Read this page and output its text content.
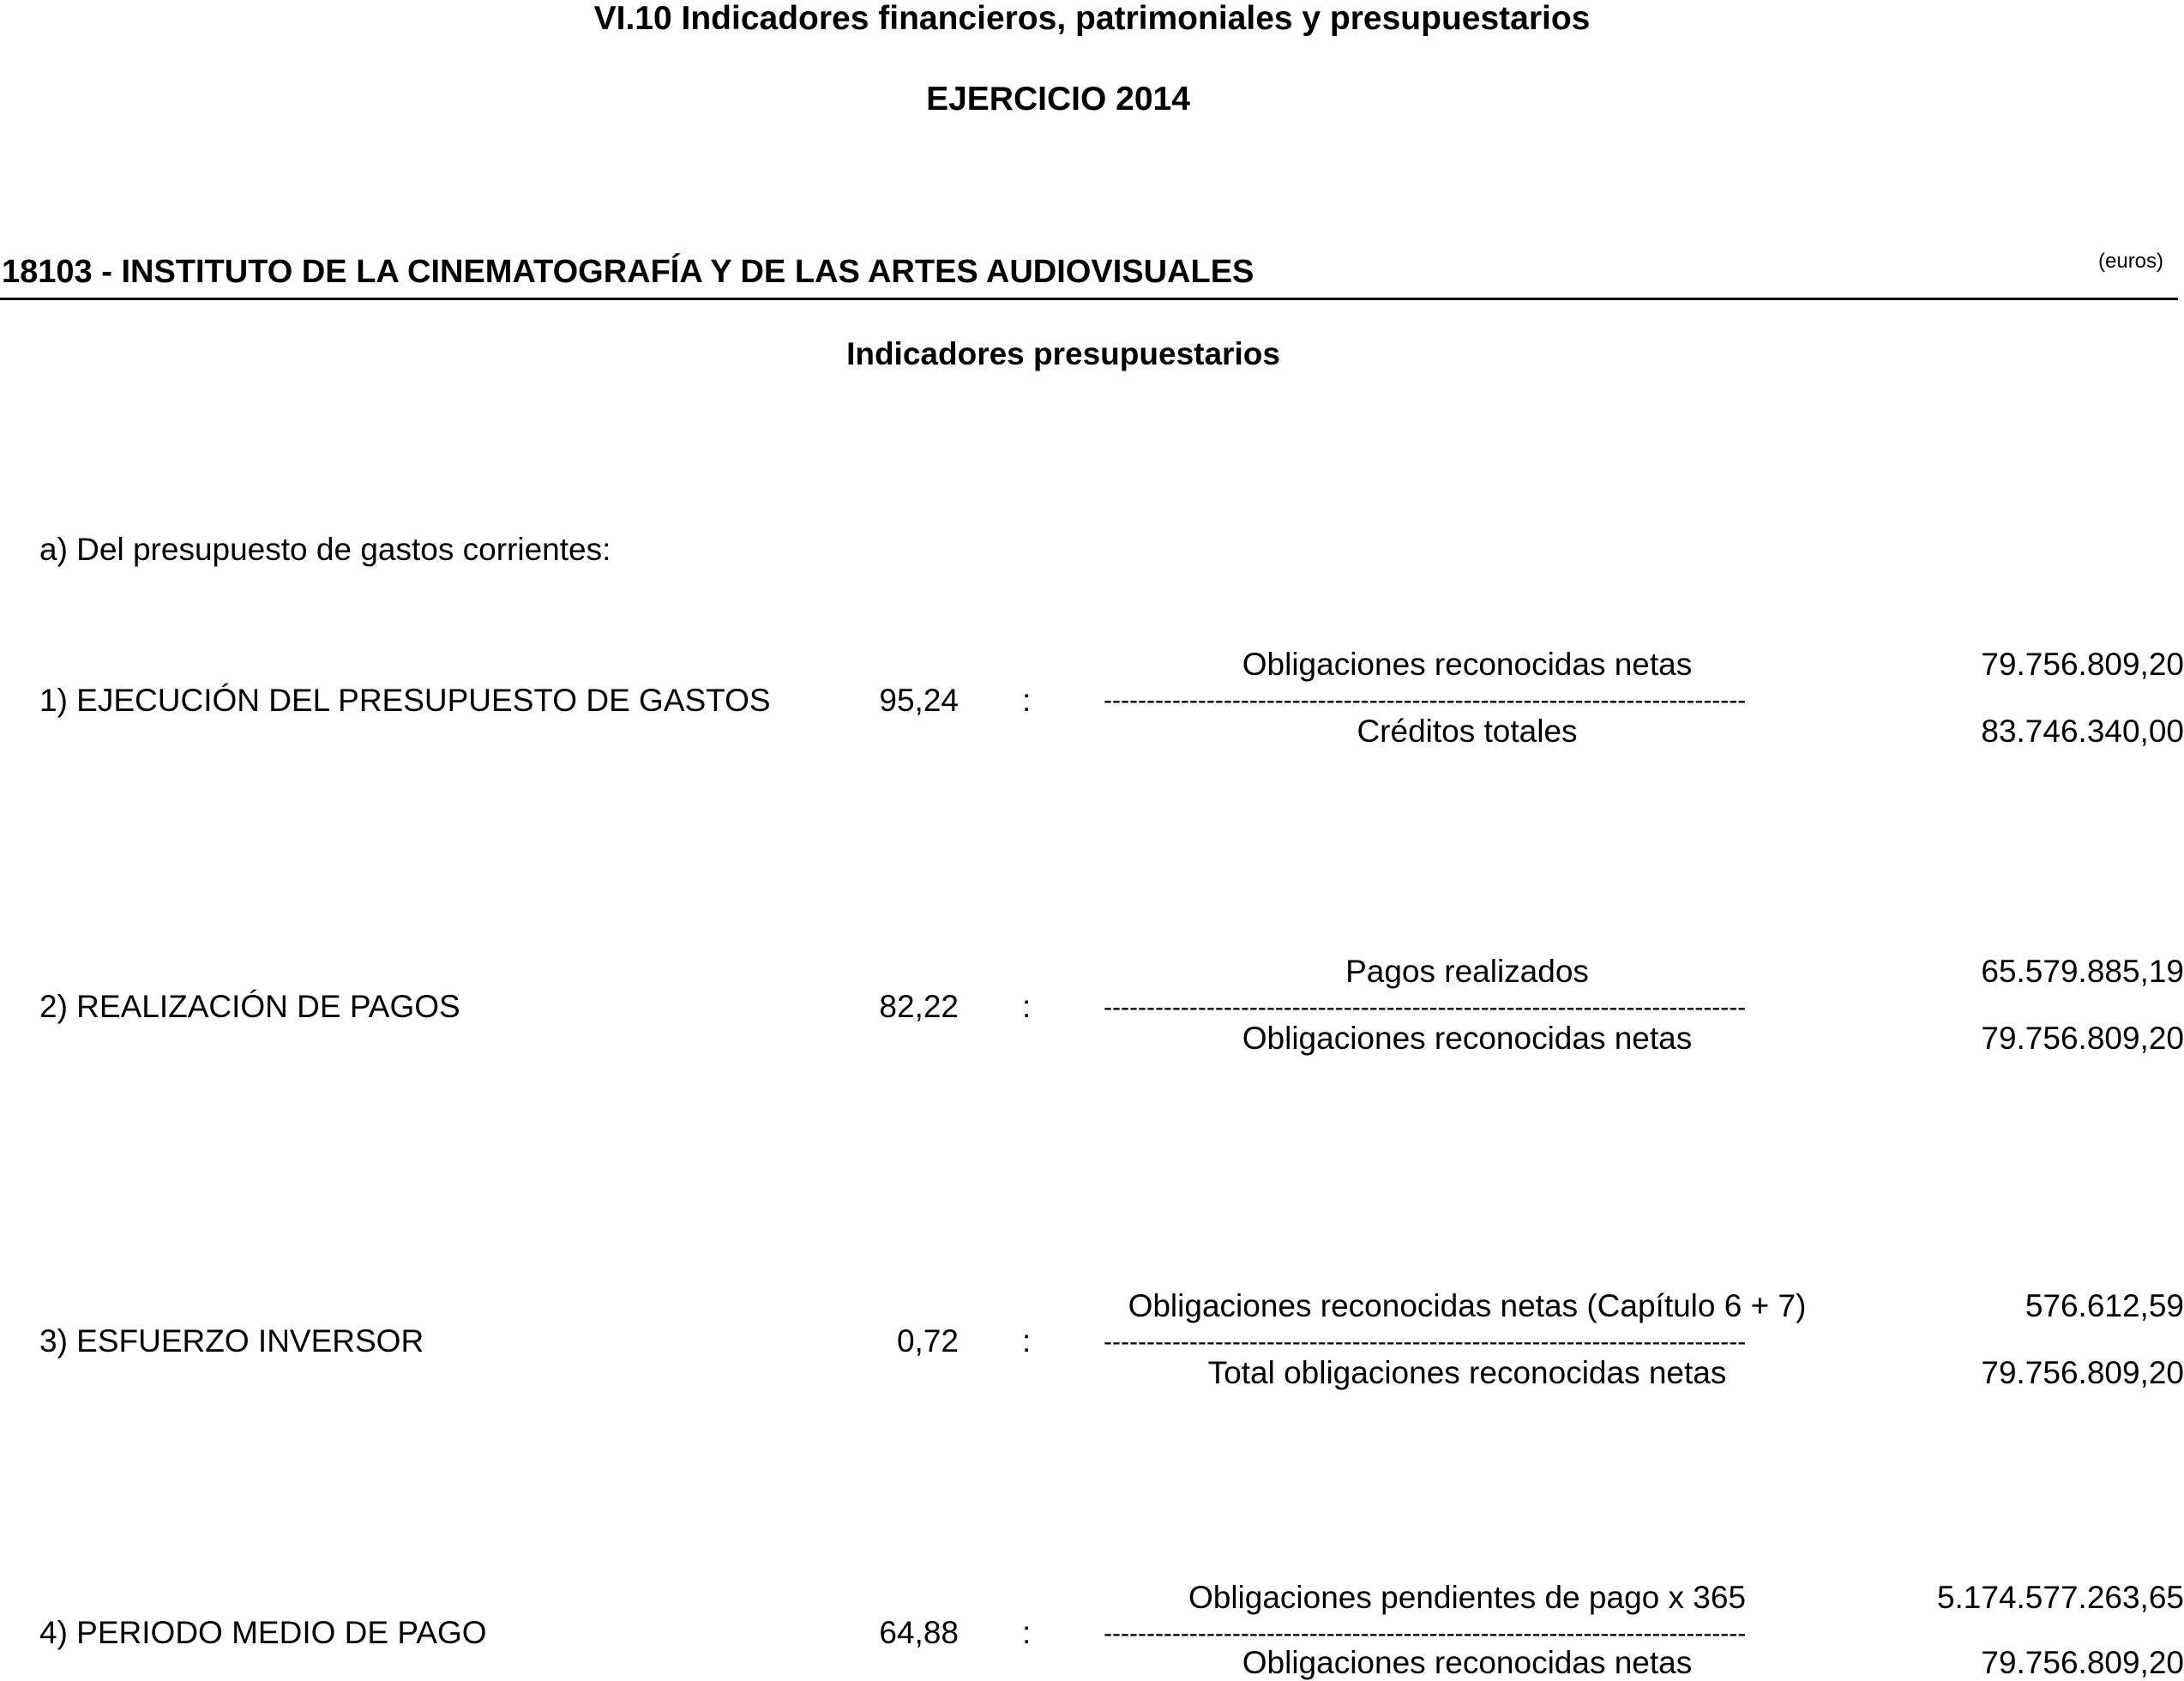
VI.10 Indicadores financieros, patrimoniales y presupuestarios
EJERCICIO 2014
18103 - INSTITUTO DE LA CINEMATOGRAFÍA Y DE LAS ARTES AUDIOVISUALES	(euros)
Indicadores presupuestarios
a) Del presupuesto de gastos corrientes:
1) EJECUCIÓN DEL PRESUPUESTO DE GASTOS	95,24 :
Obligaciones reconocidas netas	79.756.809,20
---------------------------------------------------------------------------
Créditos totales	83.746.340,00
2) REALIZACIÓN DE PAGOS	82,22 :
Pagos realizados	65.579.885,19
---------------------------------------------------------------------------
Obligaciones reconocidas netas	79.756.809,20
3) ESFUERZO INVERSOR	0,72 :
Obligaciones reconocidas netas (Capítulo 6 + 7)	576.612,59
---------------------------------------------------------------------------
Total obligaciones reconocidas netas	79.756.809,20
4) PERIODO MEDIO DE PAGO	64,88 :
Obligaciones pendientes de pago x 365	5.174.577.263,65
---------------------------------------------------------------------------
Obligaciones reconocidas netas	79.756.809,20
